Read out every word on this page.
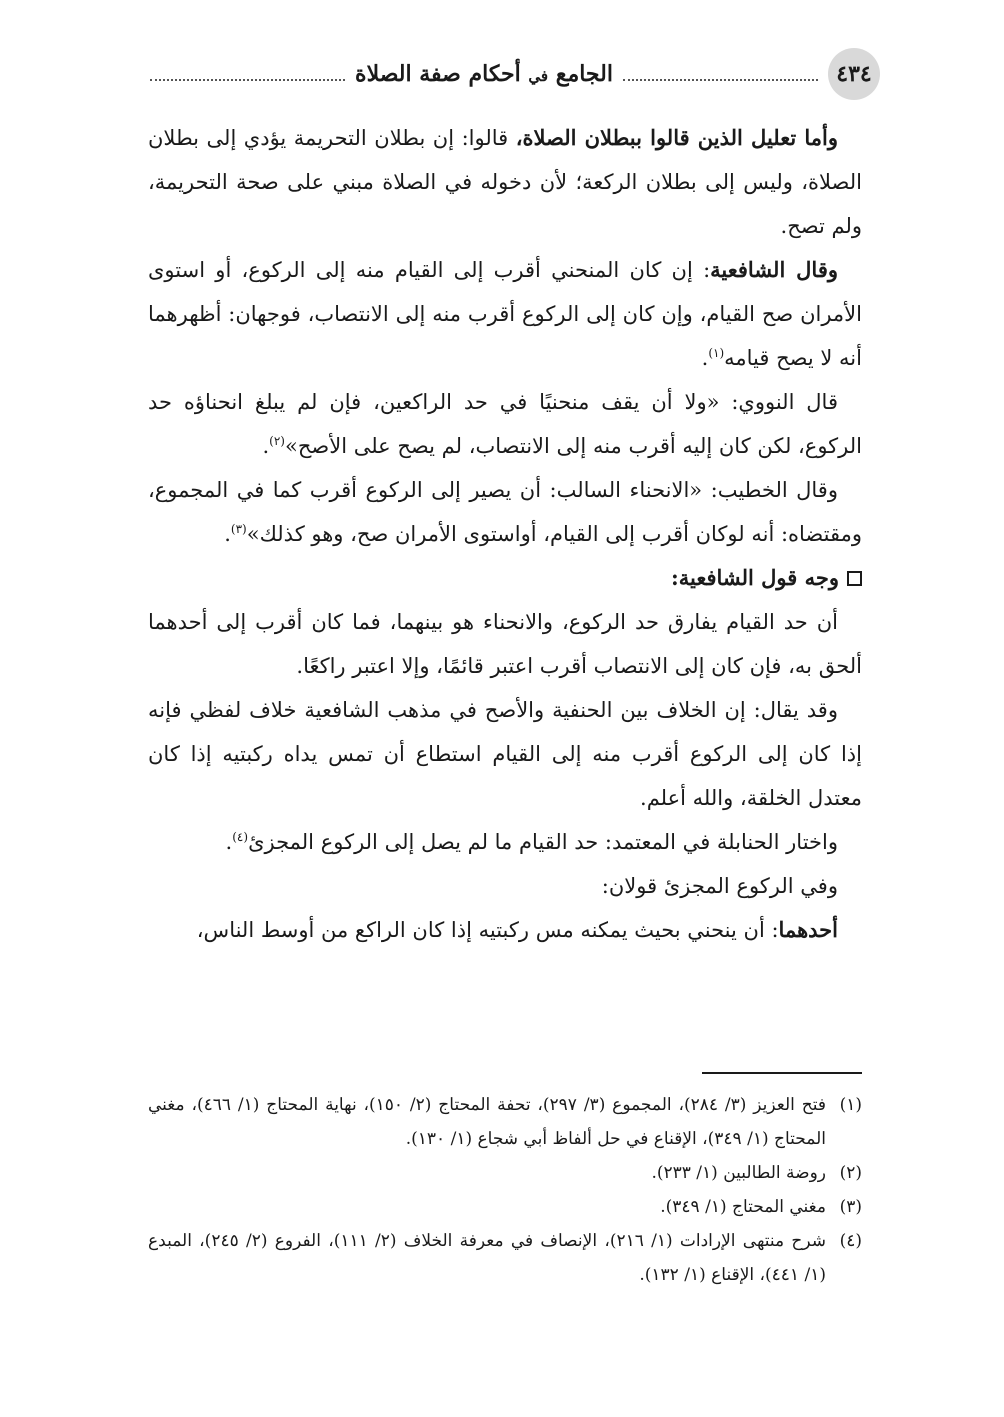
٤٣٤
الجامع في أحكام صفة الصلاة

وأما تعليل الذين قالوا ببطلان الصلاة، قالوا: إن بطلان التحريمة يؤدي إلى بطلان الصلاة، وليس إلى بطلان الركعة؛ لأن دخوله في الصلاة مبني على صحة التحريمة، ولم تصح.

وقال الشافعية: إن كان المنحني أقرب إلى القيام منه إلى الركوع، أو استوى الأمران صح القيام، وإن كان إلى الركوع أقرب منه إلى الانتصاب، فوجهان: أظهرهما أنه لا يصح قيامه$^{(١)}$.

قال النووي: «ولا أن يقف منحنيًا في حد الراكعين، فإن لم يبلغ انحناؤه حد الركوع، لكن كان إليه أقرب منه إلى الانتصاب، لم يصح على الأصح»$^{(٢)}$.

وقال الخطيب: «الانحناء السالب: أن يصير إلى الركوع أقرب كما في المجموع، ومقتضاه: أنه لوكان أقرب إلى القيام، أواستوى الأمران صح، وهو كذلك»$^{(٣)}$.

وجه قول الشافعية:

أن حد القيام يفارق حد الركوع، والانحناء هو بينهما، فما كان أقرب إلى أحدهما ألحق به، فإن كان إلى الانتصاب أقرب اعتبر قائمًا، وإلا اعتبر راكعًا.

وقد يقال: إن الخلاف بين الحنفية والأصح في مذهب الشافعية خلاف لفظي فإنه إذا كان إلى الركوع أقرب منه إلى القيام استطاع أن تمس يداه ركبتيه إذا كان معتدل الخلقة، والله أعلم.

واختار الحنابلة في المعتمد: حد القيام ما لم يصل إلى الركوع المجزئ$^{(٤)}$.

وفي الركوع المجزئ قولان:

أحدهما: أن ينحني بحيث يمكنه مس ركبتيه إذا كان الراكع من أوسط الناس،

(١)
فتح العزيز (٣/ ٢٨٤)، المجموع (٣/ ٢٩٧)، تحفة المحتاج (٢/ ١٥٠)، نهاية المحتاج (١/ ٤٦٦)، مغني المحتاج (١/ ٣٤٩)، الإقناع في حل ألفاظ أبي شجاع (١/ ١٣٠).
(٢)
روضة الطالبين (١/ ٢٣٣).
(٣)
مغني المحتاج (١/ ٣٤٩).
(٤)
شرح منتهى الإرادات (١/ ٢١٦)، الإنصاف في معرفة الخلاف (٢/ ١١١)، الفروع (٢/ ٢٤٥)، المبدع (١/ ٤٤١)، الإقناع (١/ ١٣٢).
